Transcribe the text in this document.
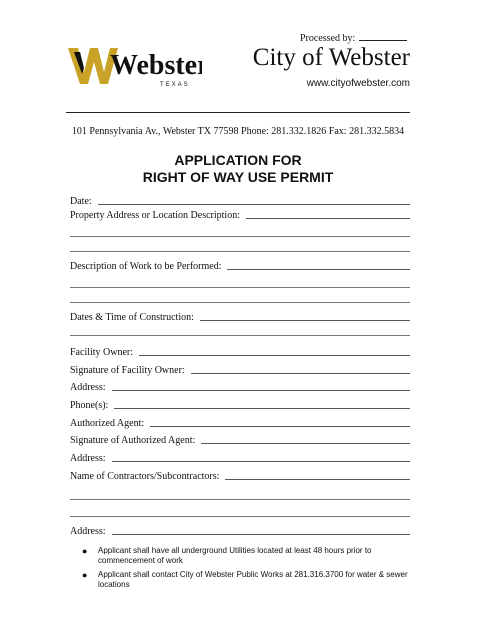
Processed by:
Webster
TEXAS
City of Webster
www.cityofwebster.com
101 Pennsylvania Av., Webster TX 77598 Phone: 281.332.1826 Fax: 281.332.5834
APPLICATION FOR
RIGHT OF WAY USE PERMIT
Date:
Property Address or Location Description:
Description of Work to be Performed:
Dates & Time of Construction:
Facility Owner:
Signature of Facility Owner:
Address:
Phone(s):
Authorized Agent:
Signature of Authorized Agent:
Address:
Name of Contractors/Subcontractors:
Address:
●	Applicant shall have all underground Utilities located at least 48 hours prior to commencement of work
●	Applicant shall contact City of Webster Public Works at 281.316.3700 for water & sewer locations
